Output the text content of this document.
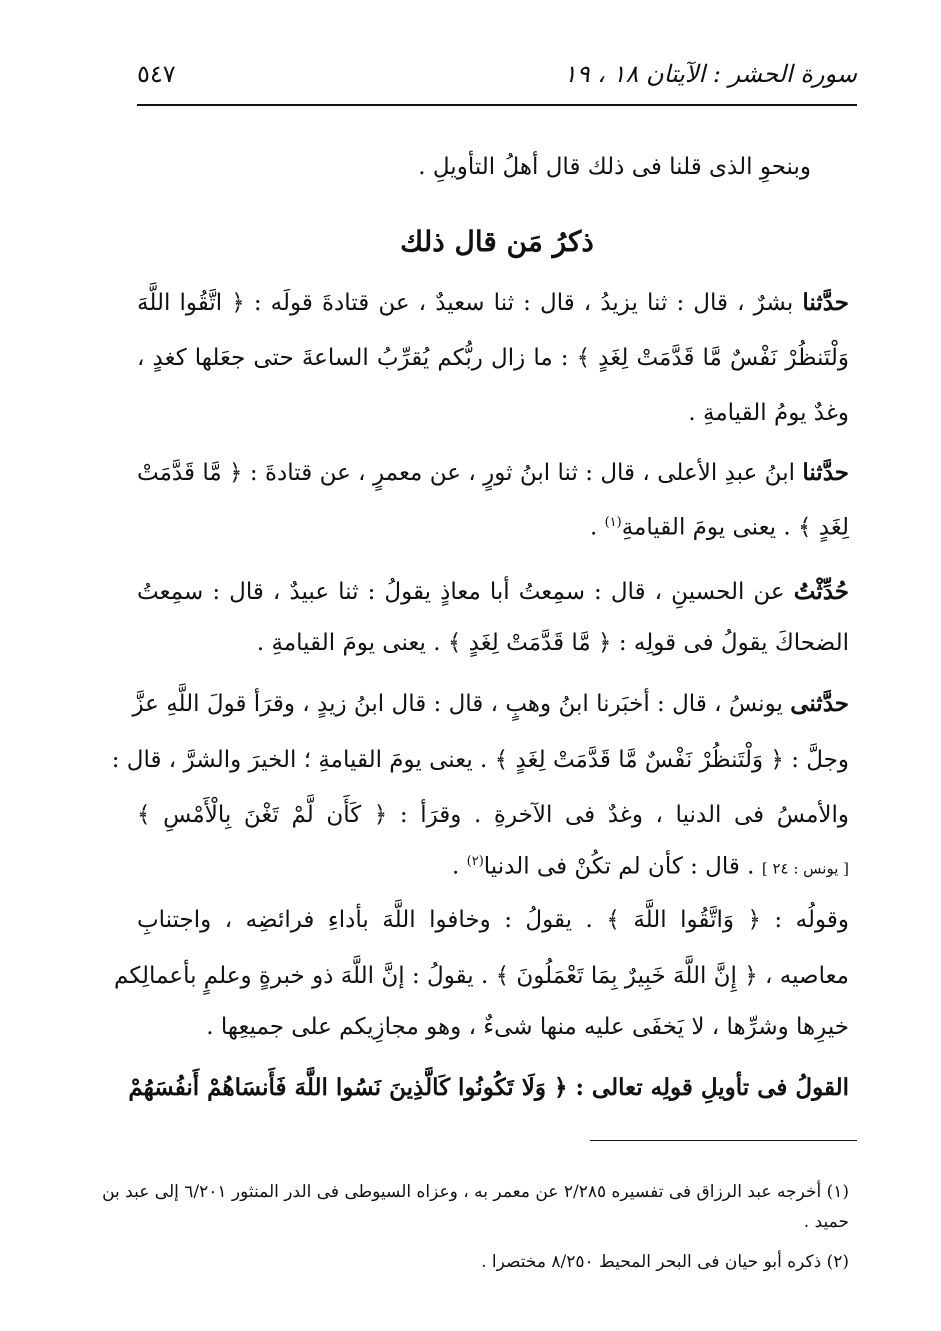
سورة الحشر : الآيتان ١٨ ، ١٩
٥٤٧
وبنحوِ الذى قلنا فى ذلك قال أهلُ التأويلِ .
ذكرُ مَن قال ذلك
حدَّثنا بشرٌ ، قال : ثنا يزيدُ ، قال : ثنا سعيدٌ ، عن قتادةَ قولَه : ﴿ اتَّقُوا اللَّهَ
وَلْتَنظُرْ نَفْسٌ مَّا قَدَّمَتْ لِغَدٍ ﴾ : ما زال ربُّكم يُقرِّبُ الساعةَ حتى جعَلها كغدٍ ،
وغدٌ يومُ القيامةِ .
حدَّثنا ابنُ عبدِ الأعلى ، قال : ثنا ابنُ ثورٍ ، عن معمرٍ ، عن قتادةَ : ﴿ مَّا قَدَّمَتْ
لِغَدٍ ﴾ . يعنى يومَ القيامةِ$^{(١)}$ .
حُدِّثْتُ عن الحسينِ ، قال : سمِعتُ أبا معاذٍ يقولُ : ثنا عبيدٌ ، قال : سمِعتُ
الضحاكَ يقولُ فى قولِه : ﴿ مَّا قَدَّمَتْ لِغَدٍ ﴾ . يعنى يومَ القيامةِ .
حدَّثنى يونسُ ، قال : أخبَرنا ابنُ وهبٍ ، قال : قال ابنُ زيدٍ ، وقرَأ قولَ اللَّهِ عزَّ
وجلَّ : ﴿ وَلْتَنظُرْ نَفْسٌ مَّا قَدَّمَتْ لِغَدٍ ﴾ . يعنى يومَ القيامةِ ؛ الخيرَ والشرَّ ، قال :
والأمسُ فى الدنيا ، وغدٌ فى الآخرةِ . وقرَأ : ﴿ كَأَن لَّمْ تَغْنَ بِالْأَمْسِ ﴾
[ يونس : ٢٤ ] . قال : كأن لم تكُنْ فى الدنيا$^{(٢)}$ .
وقولُه : ﴿ وَاتَّقُوا اللَّهَ ﴾ . يقولُ : وخافوا اللَّهَ بأداءِ فرائضِه ، واجتنابِ
معاصيه ، ﴿ إِنَّ اللَّهَ خَبِيرٌ بِمَا تَعْمَلُونَ ﴾ . يقولُ : إنَّ اللَّهَ ذو خبرةٍ وعلمٍ بأعمالِكم
خيرِها وشرِّها ، لا يَخفَى عليه منها شىءٌ ، وهو مجازِيكم على جميعِها .
القولُ فى تأويلِ قولِه تعالى : ﴿ وَلَا تَكُونُوا كَالَّذِينَ نَسُوا اللَّهَ فَأَنسَاهُمْ أَنفُسَهُمْ
(١) أخرجه عبد الرزاق فى تفسيره ٢/٢٨٥ عن معمر به ، وعزاه السيوطى فى الدر المنثور ٦/٢٠١ إلى عبد بن
حميد .
(٢) ذكره أبو حيان فى البحر المحيط ٨/٢٥٠ مختصرا .
